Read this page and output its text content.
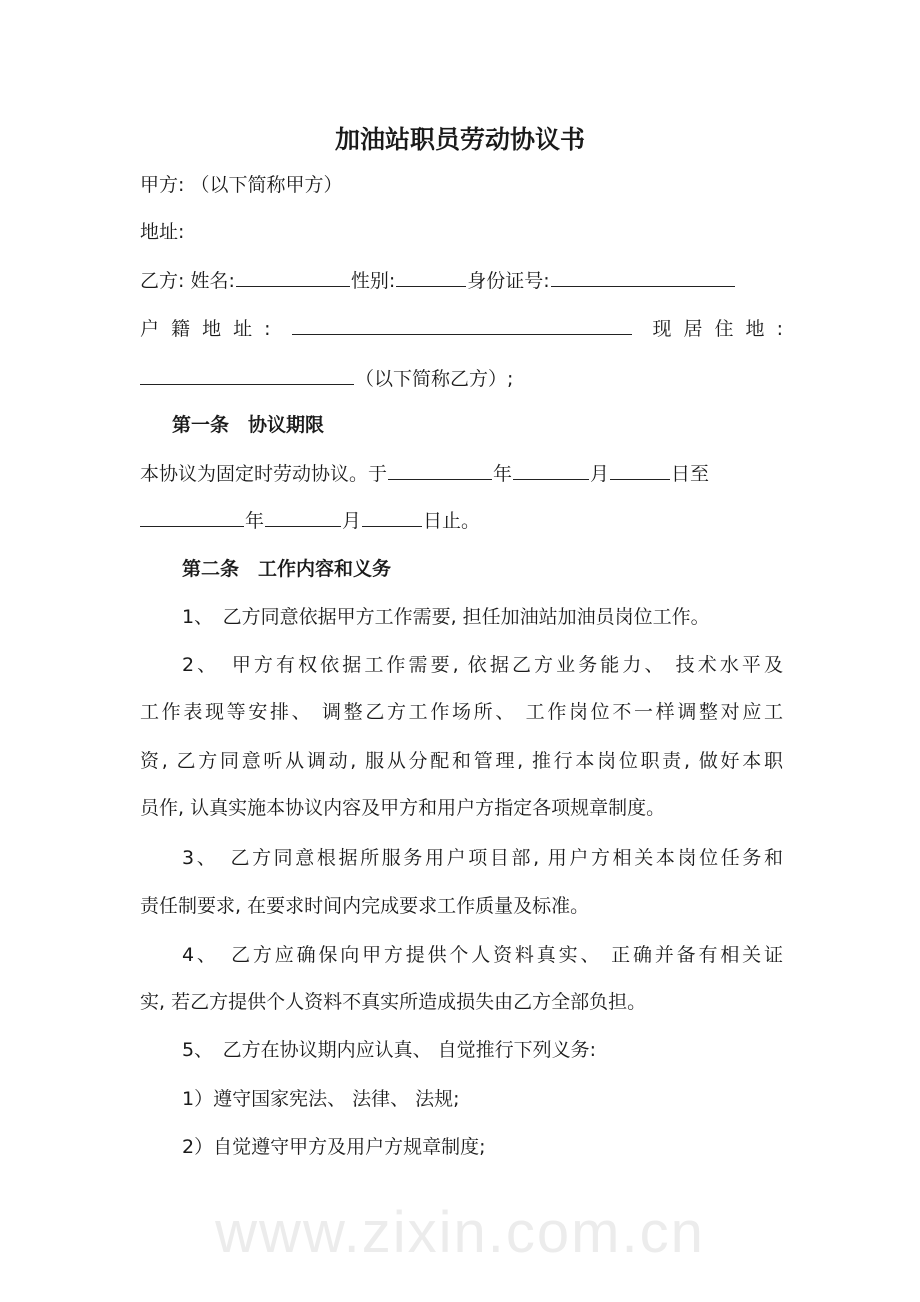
www.zixin.com.cn
加油站职员劳动协议书
甲方: （以下简称甲方）
地址:
乙方: 姓名:	性别:	身份证号:
户 籍 地 址 :	现 居 住 地 :
（以下简称乙方）;
第一条　协议期限
本协议为固定时劳动协议。于	年	月	日至
年	月	日止。
第二条　工作内容和义务
1、　乙方同意依据甲方工作需要, 担任加油站加油员岗位工作。
2、　甲方有权依据工作需要, 依据乙方业务能力、 技术水平及
工作表现等安排、 调整乙方工作场所、 工作岗位不一样调整对应工
资, 乙方同意听从调动, 服从分配和管理, 推行本岗位职责, 做好本职
员作, 认真实施本协议内容及甲方和用户方指定各项规章制度。
3、　乙方同意根据所服务用户项目部, 用户方相关本岗位任务和
责任制要求, 在要求时间内完成要求工作质量及标准。
4、　乙方应确保向甲方提供个人资料真实、 正确并备有相关证
实, 若乙方提供个人资料不真实所造成损失由乙方全部负担。
5、　乙方在协议期内应认真、 自觉推行下列义务:
1）遵守国家宪法、 法律、 法规;
2）自觉遵守甲方及用户方规章制度;
